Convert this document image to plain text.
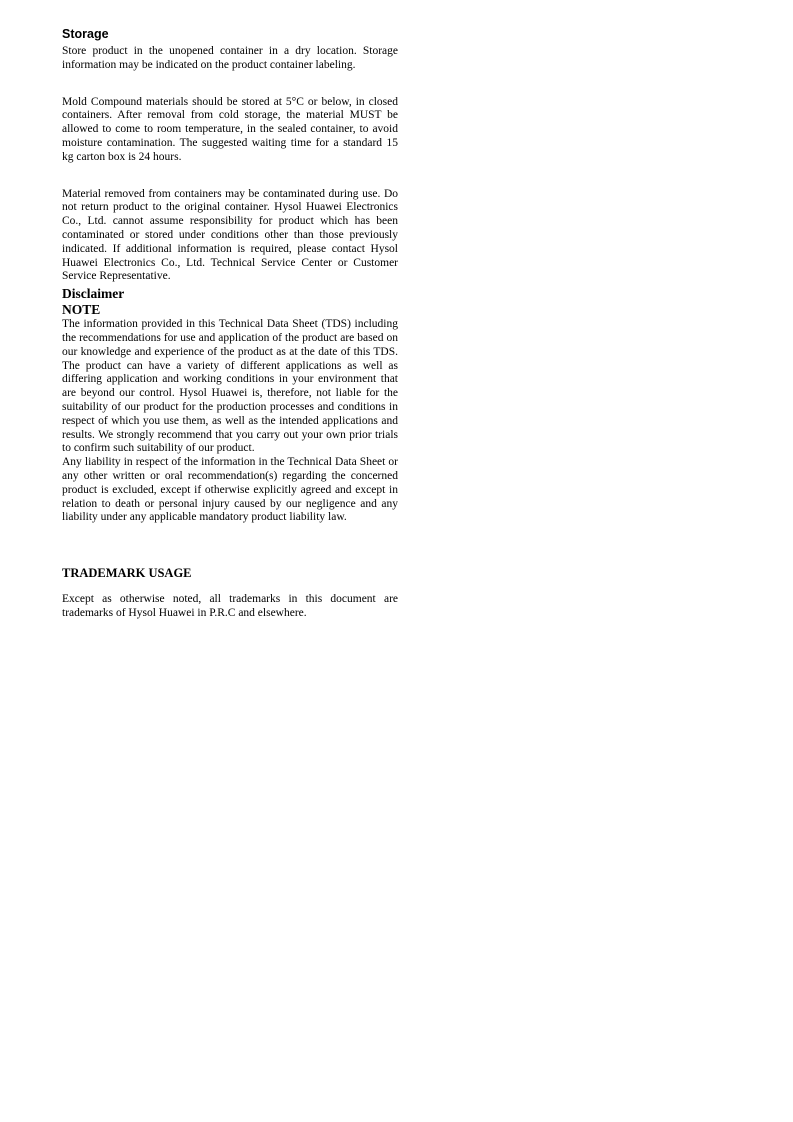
Storage

Store product in the unopened container in a dry location. Storage information may be indicated on the product container labeling.

Mold Compound materials should be stored at 5°C or below, in closed containers. After removal from cold storage, the material MUST be allowed to come to room temperature, in the sealed container, to avoid moisture contamination. The suggested waiting time for a standard 15 kg carton box is 24 hours.

Material removed from containers may be contaminated during use. Do not return product to the original container. Hysol Huawei Electronics Co., Ltd. cannot assume responsibility for product which has been contaminated or stored under conditions other than those previously indicated. If additional information is required, please contact Hysol Huawei Electronics Co., Ltd. Technical Service Center or Customer Service Representative.

Disclaimer
NOTE

The information provided in this Technical Data Sheet (TDS) including the recommendations for use and application of the product are based on our knowledge and experience of the product as at the date of this TDS. The product can have a variety of different applications as well as differing application and working conditions in your environment that are beyond our control. Hysol Huawei is, therefore, not liable for the suitability of our product for the production processes and conditions in respect of which you use them, as well as the intended applications and results. We strongly recommend that you carry out your own prior trials to confirm such suitability of our product.

Any liability in respect of the information in the Technical Data Sheet or any other written or oral recommendation(s) regarding the concerned product is excluded, except if otherwise explicitly agreed and except in relation to death or personal injury caused by our negligence and any liability under any applicable mandatory product liability law.

TRADEMARK USAGE

Except as otherwise noted, all trademarks in this document are trademarks of Hysol Huawei in P.R.C and elsewhere.
